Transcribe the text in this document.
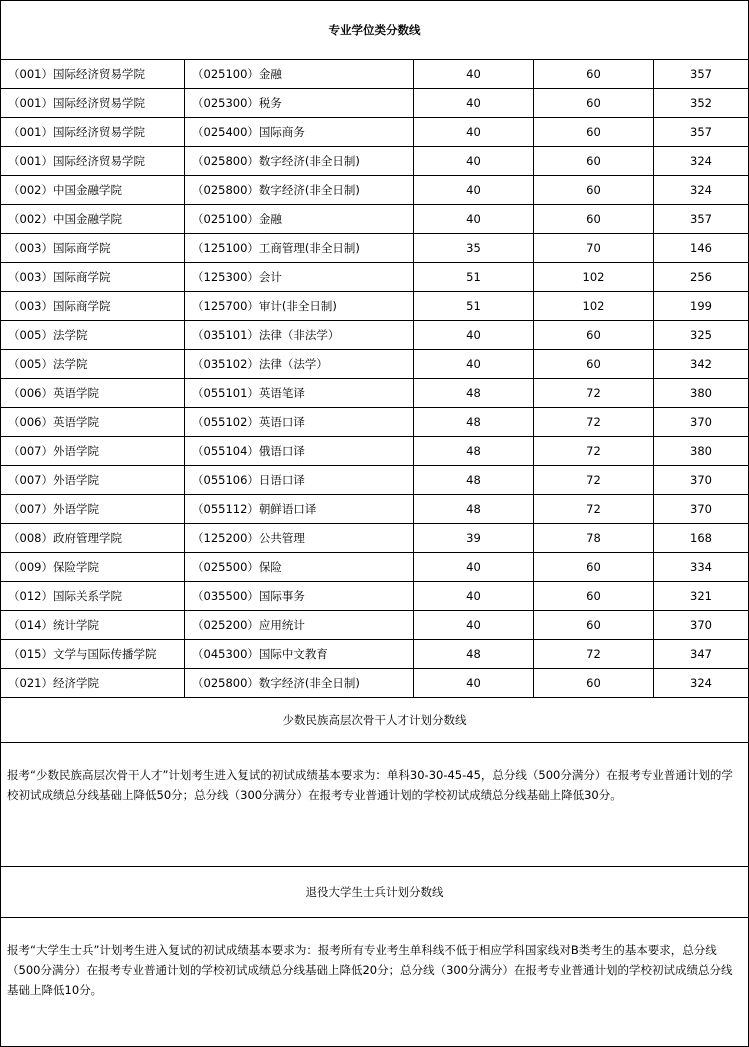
专业学位类分数线				
（001）国际经济贸易学院	（025100）金融	40	60	357
（001）国际经济贸易学院	（025300）税务	40	60	352
（001）国际经济贸易学院	（025400）国际商务	40	60	357
（001）国际经济贸易学院	（025800）数字经济(非全日制)	40	60	324
（002）中国金融学院	（025800）数字经济(非全日制)	40	60	324
（002）中国金融学院	（025100）金融	40	60	357
（003）国际商学院	（125100）工商管理(非全日制)	35	70	146
（003）国际商学院	（125300）会计	51	102	256
（003）国际商学院	（125700）审计(非全日制)	51	102	199
（005）法学院	（035101）法律（非法学）	40	60	325
（005）法学院	（035102）法律（法学）	40	60	342
（006）英语学院	（055101）英语笔译	48	72	380
（006）英语学院	（055102）英语口译	48	72	370
（007）外语学院	（055104）俄语口译	48	72	380
（007）外语学院	（055106）日语口译	48	72	370
（007）外语学院	（055112）朝鲜语口译	48	72	370
（008）政府管理学院	（125200）公共管理	39	78	168
（009）保险学院	（025500）保险	40	60	334
（012）国际关系学院	（035500）国际事务	40	60	321
（014）统计学院	（025200）应用统计	40	60	370
（015）文学与国际传播学院	（045300）国际中文教育	48	72	347
（021）经济学院	（025800）数字经济(非全日制)	40	60	324
少数民族高层次骨干人才计划分数线				
报考“少数民族高层次骨干人才”计划考生进入复试的初试成绩基本要求为：单科30-30-45-45，总分线（500分满分）在报考专业普通计划的学校初试成绩总分线基础上降低50分；总分线（300分满分）在报考专业普通计划的学校初试成绩总分线基础上降低30分。				
退役大学生士兵计划分数线				
报考“大学生士兵”计划考生进入复试的初试成绩基本要求为：报考所有专业考生单科线不低于相应学科国家线对B类考生的基本要求，总分线（500分满分）在报考专业普通计划的学校初试成绩总分线基础上降低20分；总分线（300分满分）在报考专业普通计划的学校初试成绩总分线基础上降低10分。				
